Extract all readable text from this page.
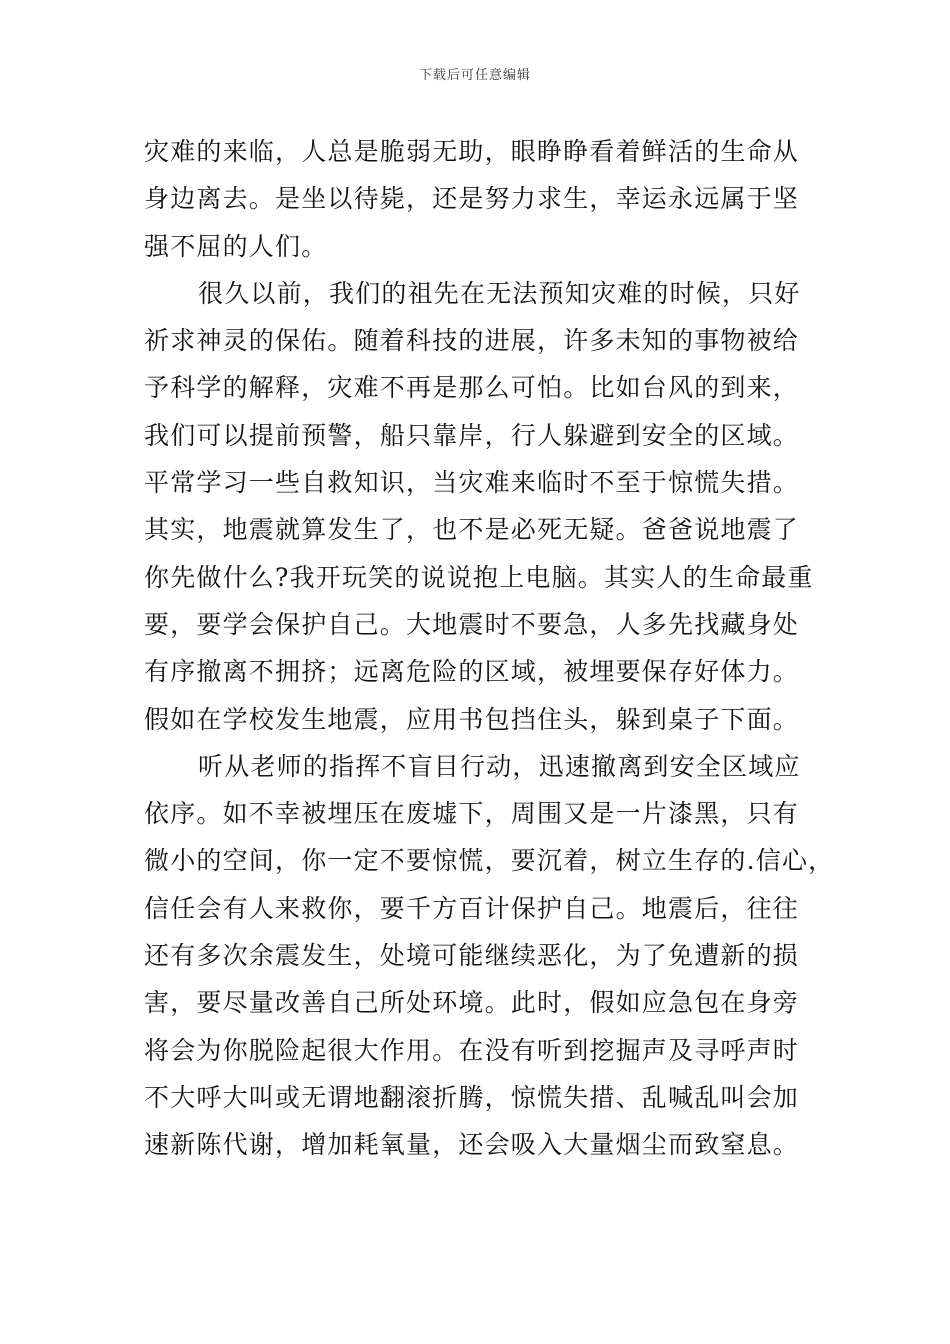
下载后可任意编辑
灾难的来临，人总是脆弱无助，眼睁睁看着鲜活的生命从
身边离去。是坐以待毙，还是努力求生，幸运永远属于坚
强不屈的人们。
很久以前，我们的祖先在无法预知灾难的时候，只好
祈求神灵的保佑。随着科技的进展，许多未知的事物被给
予科学的解释，灾难不再是那么可怕。比如台风的到来，
我们可以提前预警，船只靠岸，行人躲避到安全的区域。
平常学习一些自救知识，当灾难来临时不至于惊慌失措。
其实，地震就算发生了，也不是必死无疑。爸爸说地震了
你先做什么?我开玩笑的说说抱上电脑。其实人的生命最重
要，要学会保护自己。大地震时不要急，人多先找藏身处
有序撤离不拥挤；远离危险的区域，被埋要保存好体力。
假如在学校发生地震，应用书包挡住头，躲到桌子下面。
听从老师的指挥不盲目行动，迅速撤离到安全区域应
依序。如不幸被埋压在废墟下，周围又是一片漆黑，只有
微小的空间，你一定不要惊慌，要沉着，树立生存的.信心，
信任会有人来救你，要千方百计保护自己。地震后，往往
还有多次余震发生，处境可能继续恶化，为了免遭新的损
害，要尽量改善自己所处环境。此时，假如应急包在身旁
将会为你脱险起很大作用。在没有听到挖掘声及寻呼声时
不大呼大叫或无谓地翻滚折腾，惊慌失措、乱喊乱叫会加
速新陈代谢，增加耗氧量，还会吸入大量烟尘而致窒息。
